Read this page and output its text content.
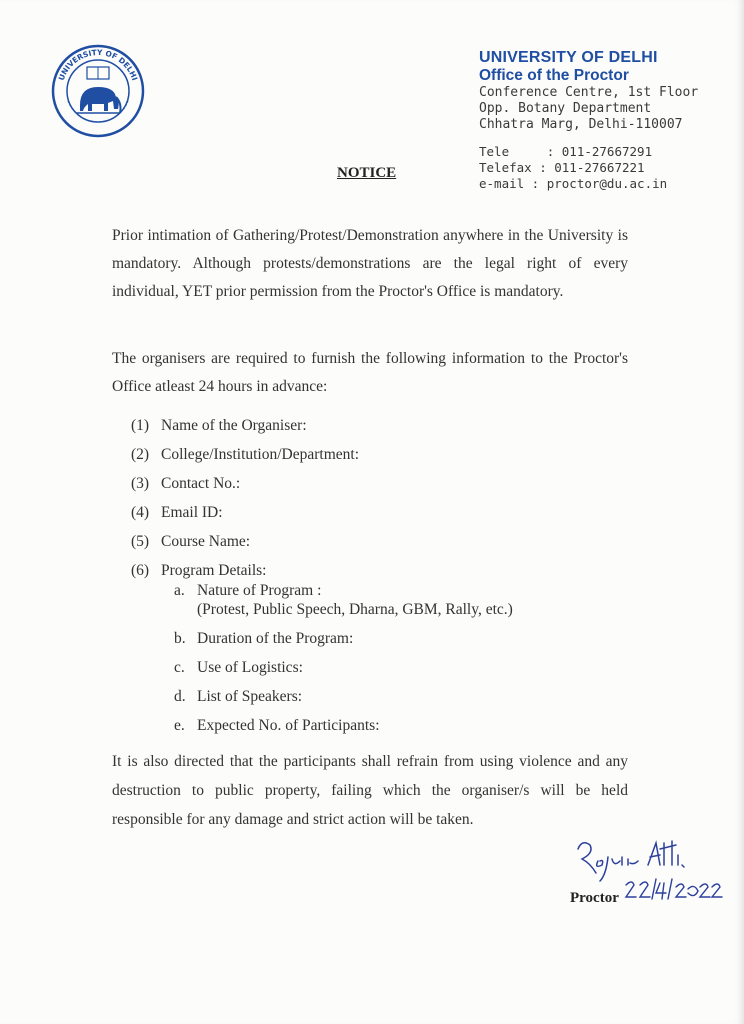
UNIVERSITY OF DELHI
UNIVERSITY OF DELHI
Office of the Proctor
Conference Centre, 1st Floor
Opp. Botany Department
Chhatra Marg, Delhi-110007
Tele     : 011-27667291
Telefax : 011-27667221
e-mail : proctor@du.ac.in
NOTICE
Prior intimation of Gathering/Protest/Demonstration anywhere in the University is mandatory. Although protests/demonstrations are the legal right of every individual, YET prior permission from the Proctor's Office is mandatory.
The organisers are required to furnish the following information to the Proctor's Office atleast 24 hours in advance:
(1) Name of the Organiser:
(2) College/Institution/Department:
(3) Contact No.:
(4) Email ID:
(5) Course Name:
(6) Program Details:
a. Nature of Program :
(Protest, Public Speech, Dharna, GBM, Rally, etc.)
b. Duration of the Program:
c. Use of Logistics:
d. List of Speakers:
e. Expected No. of Participants:
It is also directed that the participants shall refrain from using violence and any destruction to public property, failing which the organiser/s will be held responsible for any damage and strict action will be taken.
Proctor
